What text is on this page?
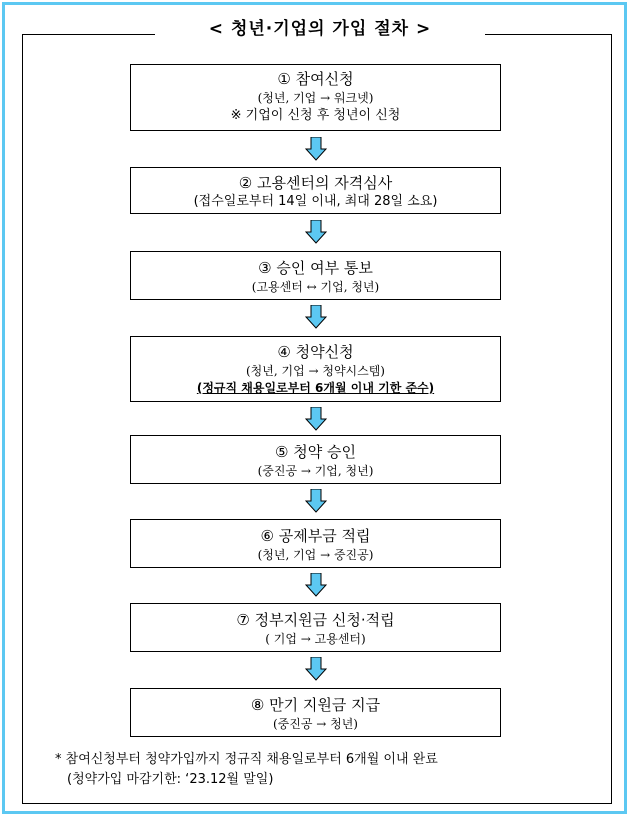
< 청년·기업의 가입 절차 >
① 참여신청
(청년, 기업 → 워크넷)
※ 기업이 신청 후 청년이 신청
② 고용센터의 자격심사
(접수일로부터 14일 이내, 최대 28일 소요)
③ 승인 여부 통보
(고용센터 ↔ 기업, 청년)
④ 청약신청
(청년, 기업 → 청약시스템)
(정규직 채용일로부터 6개월 이내 기한 준수)
⑤ 청약 승인
(중진공 → 기업, 청년)
⑥ 공제부금 적립
(청년, 기업 → 중진공)
⑦ 정부지원금 신청·적립
( 기업 → 고용센터)
⑧ 만기 지원금 지급
(중진공 → 청년)
* 참여신청부터 청약가입까지 정규직 채용일로부터 6개월 이내 완료
(청약가입 마감기한: ‘23.12월 말일)
